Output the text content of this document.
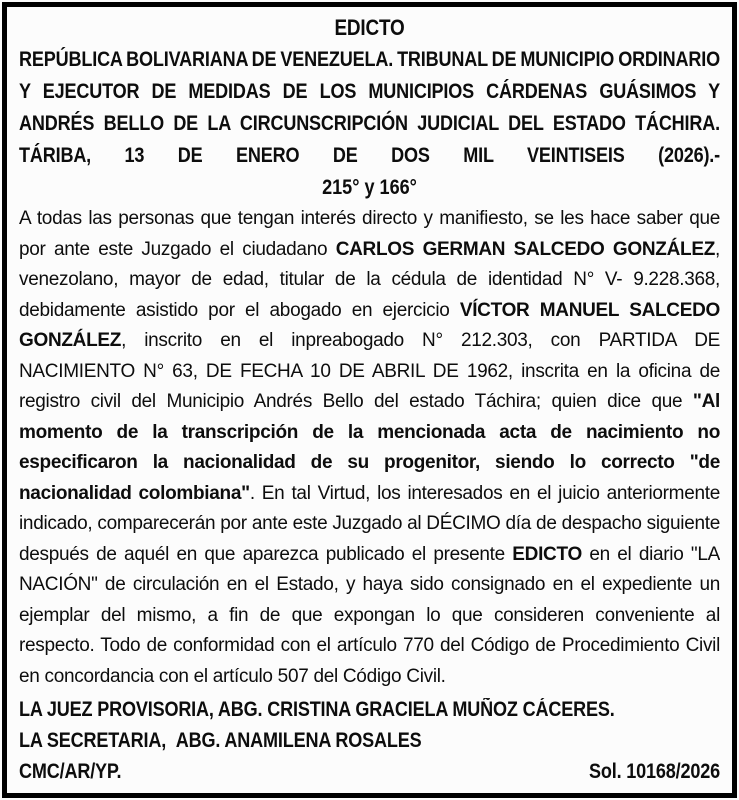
EDICTO
REPÚBLICA BOLIVARIANA DE VENEZUELA. TRIBUNAL DE MUNICIPIO ORDINARIO Y EJECUTOR DE MEDIDAS DE LOS MUNICIPIOS CÁRDENAS GUÁSIMOS Y ANDRÉS BELLO DE LA CIRCUNSCRIPCIÓN JUDICIAL DEL ESTADO TÁCHIRA. TÁRIBA, 13 DE ENERO DE DOS MIL VEINTISEIS (2026).-
215° y 166°

A todas las personas que tengan interés directo y manifiesto, se les hace saber que por ante este Juzgado el ciudadano CARLOS GERMAN SALCEDO GONZÁLEZ, venezolano, mayor de edad, titular de la cédula de identidad N° V- 9.228.368, debidamente asistido por el abogado en ejercicio VÍCTOR MANUEL SALCEDO GONZÁLEZ, inscrito en el inpreabogado N° 212.303, con PARTIDA DE NACIMIENTO N° 63, DE FECHA 10 DE ABRIL DE 1962, inscrita en la oficina de registro civil del Municipio Andrés Bello del estado Táchira; quien dice que "Al momento de la transcripción de la mencionada acta de nacimiento no especificaron la nacionalidad de su progenitor, siendo lo correcto "de nacionalidad colombiana". En tal Virtud, los interesados en el juicio anteriormente indicado, comparecerán por ante este Juzgado al DÉCIMO día de despacho siguiente después de aquél en que aparezca publicado el presente EDICTO en el diario "LA NACIÓN" de circulación en el Estado, y haya sido consignado en el expediente un ejemplar del mismo, a fin de que expongan lo que consideren conveniente al respecto. Todo de conformidad con el artículo 770 del Código de Procedimiento Civil en concordancia con el artículo 507 del Código Civil.

LA JUEZ PROVISORIA, ABG. CRISTINA GRACIELA MUÑOZ CÁCERES.
LA SECRETARIA,  ABG. ANAMILENA ROSALES
CMC/AR/YP.	Sol. 10168/2026
